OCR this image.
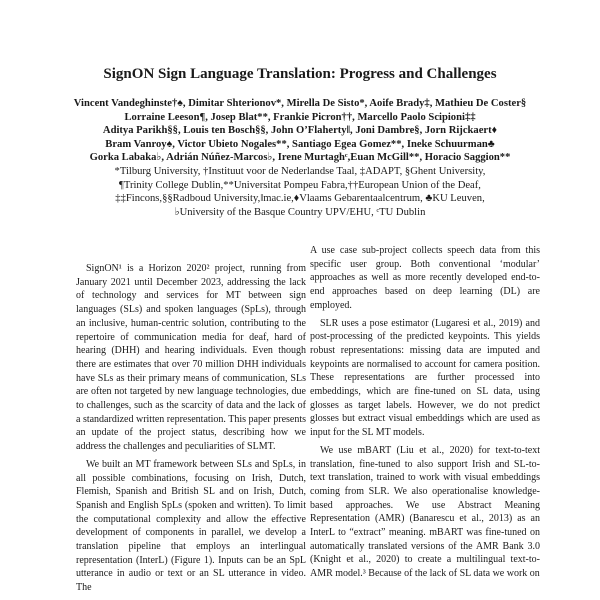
SignON Sign Language Translation: Progress and Challenges
Vincent Vandeghinste†♠, Dimitar Shterionov*, Mirella De Sisto*, Aoife Brady‡, Mathieu De Coster§
Lorraine Leeson¶, Josep Blat**, Frankie Picron††, Marcello Paolo Scipioni‡‡
Aditya Parikh§§, Louis ten Bosch§§, John O’Flaherty‖, Joni Dambre§, Jorn Rijckaert♦
Bram Vanroy♠, Victor Ubieto Nogales**, Santiago Egea Gomez**, Ineke Schuurman♣
Gorka Labaka♭, Adrián Núñez-Marcos♭, Irene Murtaghᶜ,Euan McGill**, Horacio Saggion**
*Tilburg University, †Instituut voor de Nederlandse Taal, ‡ADAPT, §Ghent University,
¶Trinity College Dublin,**Universitat Pompeu Fabra,††European Union of the Deaf,
‡‡Fincons,§§Radboud University,‖mac.ie,♦Vlaams Gebarentaalcentrum, ♣KU Leuven,
♭University of the Basque Country UPV/EHU, ᶜTU Dublin

SignON¹ is a Horizon 2020² project, running from January 2021 until December 2023, addressing the lack of technology and services for MT between sign languages (SLs) and spoken languages (SpLs), through an inclusive, human-centric solution, contributing to the repertoire of communication media for deaf, hard of hearing (DHH) and hearing individuals. Even though there are estimates that over 70 million DHH individuals have SLs as their primary means of communication, SLs are often not targeted by new language technologies, due to challenges, such as the scarcity of data and the lack of a standardized written representation. This paper presents an update of the project status, describing how we address the challenges and peculiarities of SLMT.

We built an MT framework between SLs and SpLs, in all possible combinations, focusing on Irish, Dutch, Flemish, Spanish and British SL and on Irish, Dutch, Spanish and English SpLs (spoken and written). To limit the computational complexity and allow the effective development of components in parallel, we develop a translation pipeline that employs an interlingual representation (InterL) (Figure 1). Inputs can be an SpL utterance in audio or text or an SL utterance in video. The

A use case sub-project collects speech data from this specific user group. Both conventional ‘modular’ approaches as well as more recently developed end-to-end approaches based on deep learning (DL) are employed.

SLR uses a pose estimator (Lugaresi et al., 2019) and post-processing of the predicted keypoints. This yields robust representations: missing data are imputed and keypoints are normalised to account for camera position. These representations are further processed into embeddings, which are fine-tuned on SL data, using glosses as target labels. However, we do not predict glosses but extract visual embeddings which are used as input for the SL MT models.

We use mBART (Liu et al., 2020) for text-to-text translation, fine-tuned to also support Irish and SL-to-text translation, trained to work with visual embeddings coming from SLR. We also operationalise knowledge-based approaches. We use Abstract Meaning Representation (AMR) (Banarescu et al., 2013) as an InterL to “extract” meaning. mBART was fine-tuned on automatically translated versions of the AMR Bank 3.0 (Knight et al., 2020) to create a multilingual text-to-AMR model.³ Because of the lack of SL data we work on
